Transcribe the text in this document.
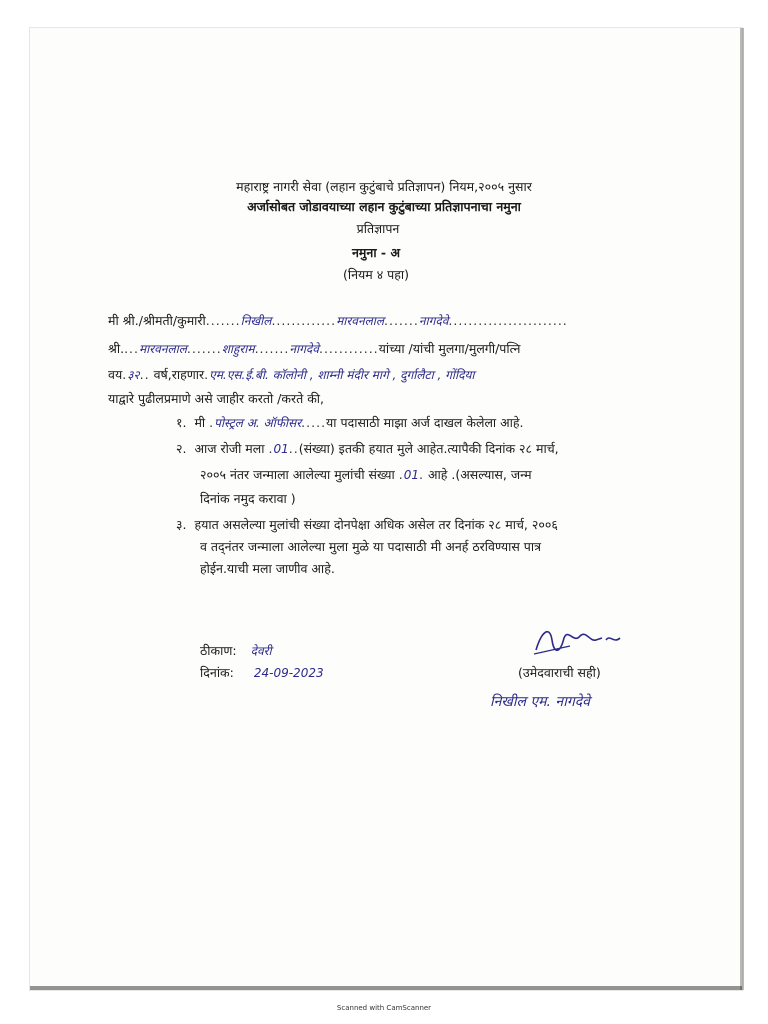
महाराष्ट्र नागरी सेवा (लहान कुटुंबाचे प्रतिज्ञापन) नियम,२००५ नुसार
अर्जासोबत जोडावयाच्या लहान कुटुंबाच्या प्रतिज्ञापनाचा नमुना
प्रतिज्ञापन
नमुना - अ
(नियम ४ पहा)
मी श्री./श्रीमती/कुमारी.......निखील.............मारवनलाल.......नागदेवे........................
श्री....मारवनलाल.......शाहुराम.......नागदेवे............यांच्या /यांची मुलगा/मुलगी/पत्नि
वय.३२.. वर्ष,राहणार.एम.एस.ई.बी. कॉलोनी , शाम्नी मंदीर मागे , दुर्गालैटा , गोंदिया
याद्वारे पुढीलप्रमाणे असे जाहीर करतो /करते की,
१. मी .पोस्ट्रल अ. ऑफीसर.....या पदासाठी माझा अर्ज दाखल केलेला आहे.
२. आज रोजी मला .01..(संख्या) इतकी हयात मुले आहेत.त्यापैकी दिनांक २८ मार्च,
२००५ नंतर जन्माला आलेल्या मुलांची संख्या .01. आहे .(असल्यास, जन्म
दिनांक नमुद करावा )
३. हयात असलेल्या मुलांची संख्या दोनपेक्षा अधिक असेल तर दिनांक २८ मार्च, २००६
व तद्नंतर जन्माला आलेल्या मुला मुळे या पदासाठी मी अनर्ह ठरविण्यास पात्र
होईन.याची मला जाणीव आहे.
ठीकाण: देवरी
दिनांक: 24-09-2023	(उमेदवाराची सही)
निखील एम. नागदेवे
Scanned with CamScanner
